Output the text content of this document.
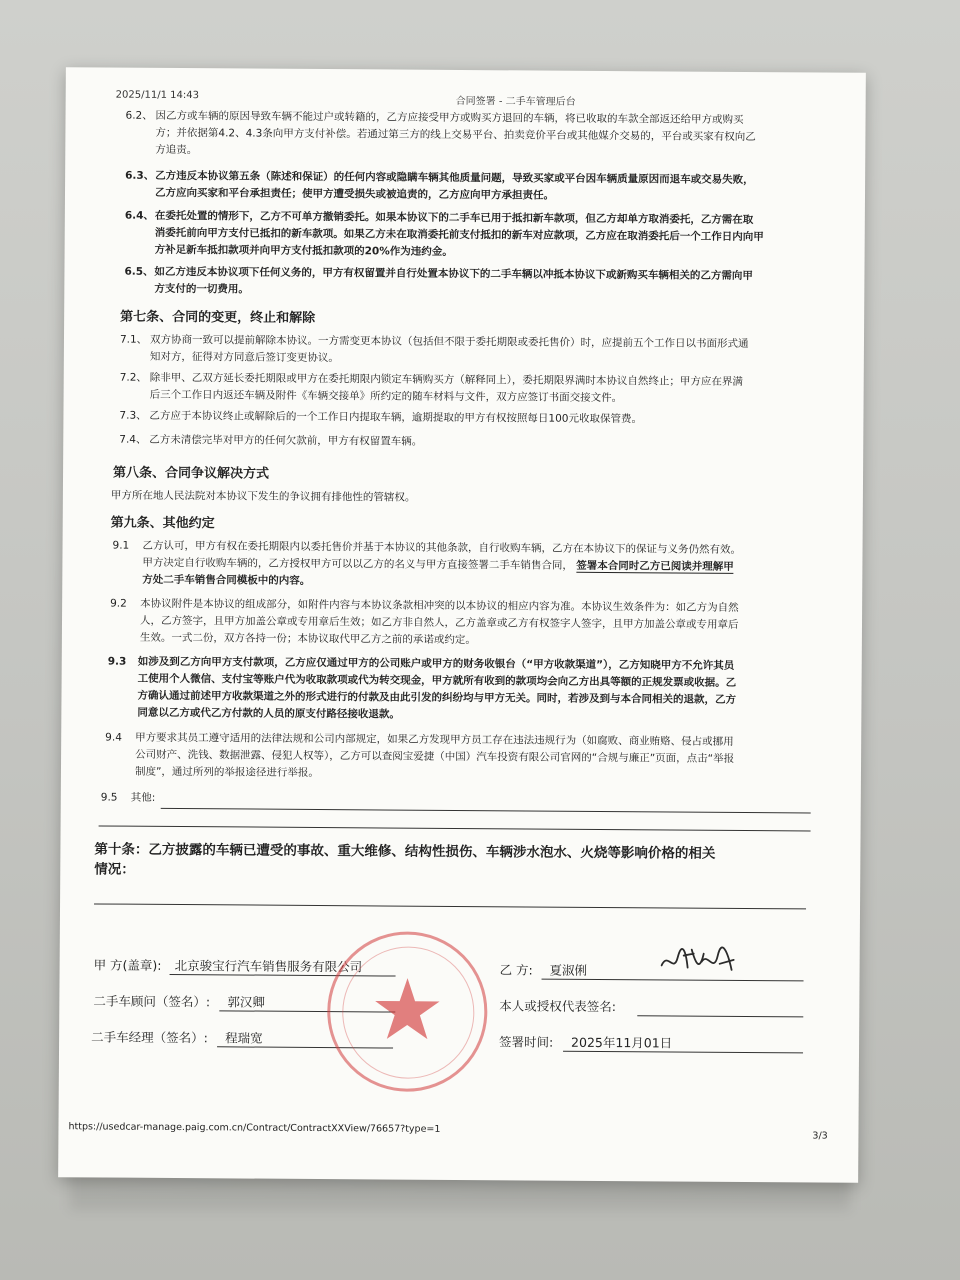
2025/11/1 14:43
合同签署 - 二手车管理后台
6.2、 因乙方或车辆的原因导致车辆不能过户或转籍的，乙方应接受甲方或购买方退回的车辆，将已收取的车款全部返还给甲方或购买
方；并依据第4.2、4.3条向甲方支付补偿。若通过第三方的线上交易平台、拍卖竞价平台或其他媒介交易的，平台或买家有权向乙
方追责。
6.3、 乙方违反本协议第五条（陈述和保证）的任何内容或隐瞒车辆其他质量问题，导致买家或平台因车辆质量原因而退车或交易失败，
乙方应向买家和平台承担责任；使甲方遭受损失或被追责的，乙方应向甲方承担责任。
6.4、 在委托处置的情形下，乙方不可单方撤销委托。如果本协议下的二手车已用于抵扣新车款项，但乙方却单方取消委托，乙方需在取
消委托前向甲方支付已抵扣的新车款项。如果乙方未在取消委托前支付抵扣的新车对应款项，乙方应在取消委托后一个工作日内向甲
方补足新车抵扣款项并向甲方支付抵扣款项的20%作为违约金。
6.5、 如乙方违反本协议项下任何义务的，甲方有权留置并自行处置本协议下的二手车辆以冲抵本协议下或新购买车辆相关的乙方需向甲
方支付的一切费用。
第七条、合同的变更，终止和解除
7.1、 双方协商一致可以提前解除本协议。一方需变更本协议（包括但不限于委托期限或委托售价）时，应提前五个工作日以书面形式通
知对方，征得对方同意后签订变更协议。
7.2、 除非甲、乙双方延长委托期限或甲方在委托期限内锁定车辆购买方（解释同上），委托期限界满时本协议自然终止；甲方应在界满
后三个工作日内返还车辆及附件《车辆交接单》所约定的随车材料与文件，双方应签订书面交接文件。
7.3、 乙方应于本协议终止或解除后的一个工作日内提取车辆，逾期提取的甲方有权按照每日100元收取保管费。
7.4、 乙方未清偿完毕对甲方的任何欠款前，甲方有权留置车辆。
第八条、合同争议解决方式
甲方所在地人民法院对本协议下发生的争议拥有排他性的管辖权。
第九条、其他约定
9.1 乙方认可，甲方有权在委托期限内以委托售价并基于本协议的其他条款，自行收购车辆，乙方在本协议下的保证与义务仍然有效。
甲方决定自行收购车辆的，乙方授权甲方可以以乙方的名义与甲方直接签署二手车销售合同， 签署本合同时乙方已阅读并理解甲
方处二手车销售合同模板中的内容。
9.2 本协议附件是本协议的组成部分，如附件内容与本协议条款相冲突的以本协议的相应内容为准。本协议生效条件为：如乙方为自然
人，乙方签字，且甲方加盖公章或专用章后生效；如乙方非自然人，乙方盖章或乙方有权签字人签字，且甲方加盖公章或专用章后
生效。一式二份，双方各持一份；本协议取代甲乙方之前的承诺或约定。
9.3 如涉及到乙方向甲方支付款项，乙方应仅通过甲方的公司账户或甲方的财务收银台（“甲方收款渠道”），乙方知晓甲方不允许其员
工使用个人微信、支付宝等账户代为收取款项或代为转交现金，甲方就所有收到的款项均会向乙方出具等额的正规发票或收据。乙
方确认通过前述甲方收款渠道之外的形式进行的付款及由此引发的纠纷均与甲方无关。同时，若涉及到与本合同相关的退款，乙方
同意以乙方或代乙方付款的人员的原支付路径接收退款。
9.4 甲方要求其员工遵守适用的法律法规和公司内部规定，如果乙方发现甲方员工存在违法违规行为（如腐败、商业贿赂、侵占或挪用
公司财产、洗钱、数据泄露、侵犯人权等），乙方可以查阅宝爱捷（中国）汽车投资有限公司官网的“合规与廉正”页面，点击“举报
制度”，通过所列的举报途径进行举报。
9.5 其他:
第十条：乙方披露的车辆已遭受的事故、重大维修、结构性损伤、车辆涉水泡水、火烧等影响价格的相关
情况：
甲 方(盖章): 北京骏宝行汽车销售服务有限公司
二手车顾问（签名）: 郭汉卿
二手车经理（签名）: 程瑞宽
乙 方: 夏淑俐
本人或授权代表签名:
签署时间: 2025年11月01日
https://usedcar-manage.paig.com.cn/Contract/ContractXXView/76657?type=1
3/3
